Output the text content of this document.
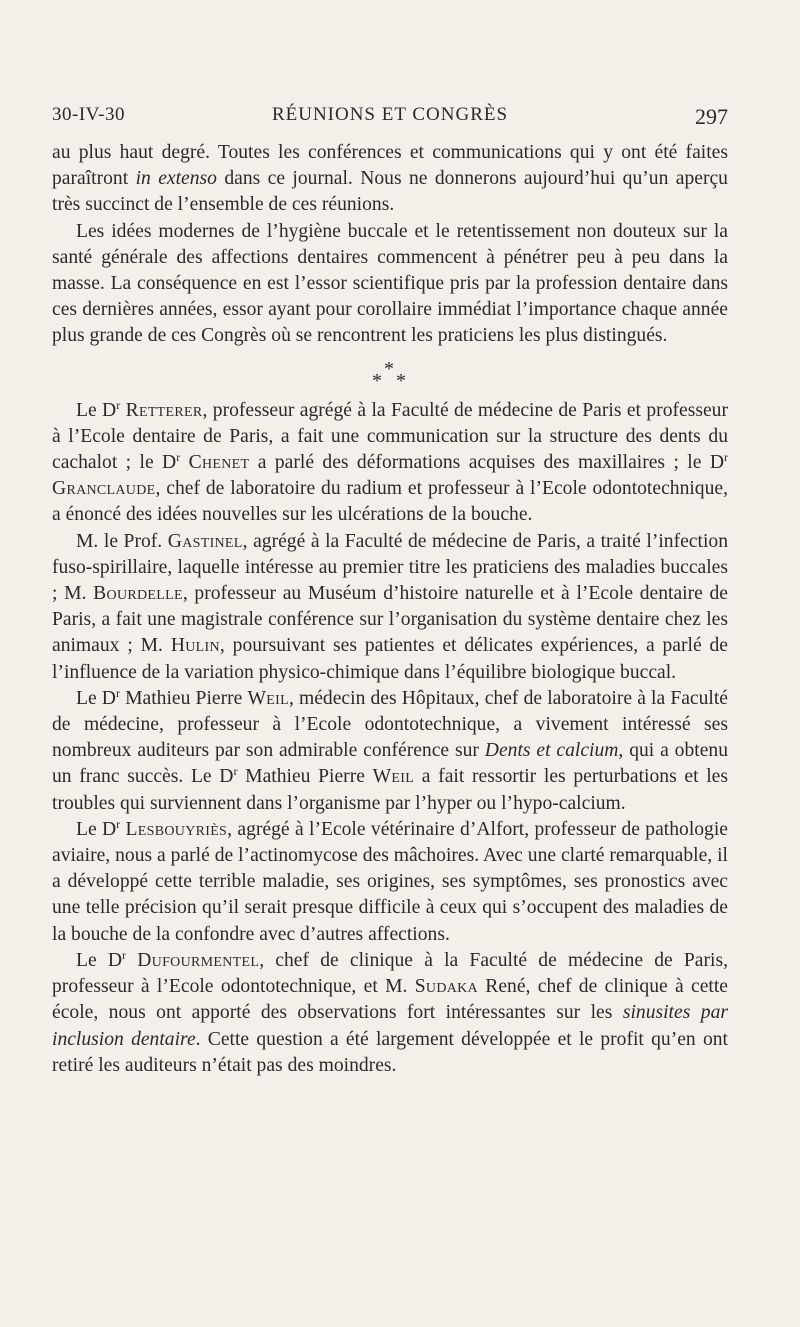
30-IV-30	RÉUNIONS ET CONGRÈS	297

au plus haut degré. Toutes les conférences et communications qui y ont été faites paraîtront in extenso dans ce journal. Nous ne donnerons aujourd’hui qu’un aperçu très succinct de l’ensemble de ces réunions.

Les idées modernes de l’hygiène buccale et le retentissement non douteux sur la santé générale des affections dentaires commencent à pénétrer peu à peu dans la masse. La conséquence en est l’essor scientifique pris par la profession dentaire dans ces dernières années, essor ayant pour corollaire immédiat l’importance chaque année plus grande de ces Congrès où se rencontrent les praticiens les plus distingués.

*
* *

Le $D^r$ Retterer, professeur agrégé à la Faculté de médecine de Paris et professeur à l’Ecole dentaire de Paris, a fait une communication sur la structure des dents du cachalot ; le $D^r$ Chenet a parlé des déformations acquises des maxillaires ; le $D^r$ Granclaude, chef de laboratoire du radium et professeur à l’Ecole odontotechnique, a énoncé des idées nouvelles sur les ulcérations de la bouche.

M. le Prof. Gastinel, agrégé à la Faculté de médecine de Paris, a traité l’infection fuso-spirillaire, laquelle intéresse au premier titre les praticiens des maladies buccales ; M. Bourdelle, professeur au Muséum d’histoire naturelle et à l’Ecole dentaire de Paris, a fait une magistrale conférence sur l’organisation du système dentaire chez les animaux ; M. Hulin, poursuivant ses patientes et délicates expériences, a parlé de l’influence de la variation physico-chimique dans l’équilibre biologique buccal.

Le $D^r$ Mathieu Pierre Weil, médecin des Hôpitaux, chef de laboratoire à la Faculté de médecine, professeur à l’Ecole odontotechnique, a vivement intéressé ses nombreux auditeurs par son admirable conférence sur Dents et calcium, qui a obtenu un franc succès. Le $D^r$ Mathieu Pierre Weil a fait ressortir les perturbations et les troubles qui surviennent dans l’organisme par l’hyper ou l’hypo-calcium.

Le $D^r$ Lesbouyriès, agrégé à l’Ecole vétérinaire d’Alfort, professeur de pathologie aviaire, nous a parlé de l’actinomycose des mâchoires. Avec une clarté remarquable, il a développé cette terrible maladie, ses origines, ses symptômes, ses pronostics avec une telle précision qu’il serait presque difficile à ceux qui s’occupent des maladies de la bouche de la confondre avec d’autres affections.

Le $D^r$ Dufourmentel, chef de clinique à la Faculté de médecine de Paris, professeur à l’Ecole odontotechnique, et M. Sudaka René, chef de clinique à cette école, nous ont apporté des observations fort intéressantes sur les sinusites par inclusion dentaire. Cette question a été largement développée et le profit qu’en ont retiré les auditeurs n’était pas des moindres.
